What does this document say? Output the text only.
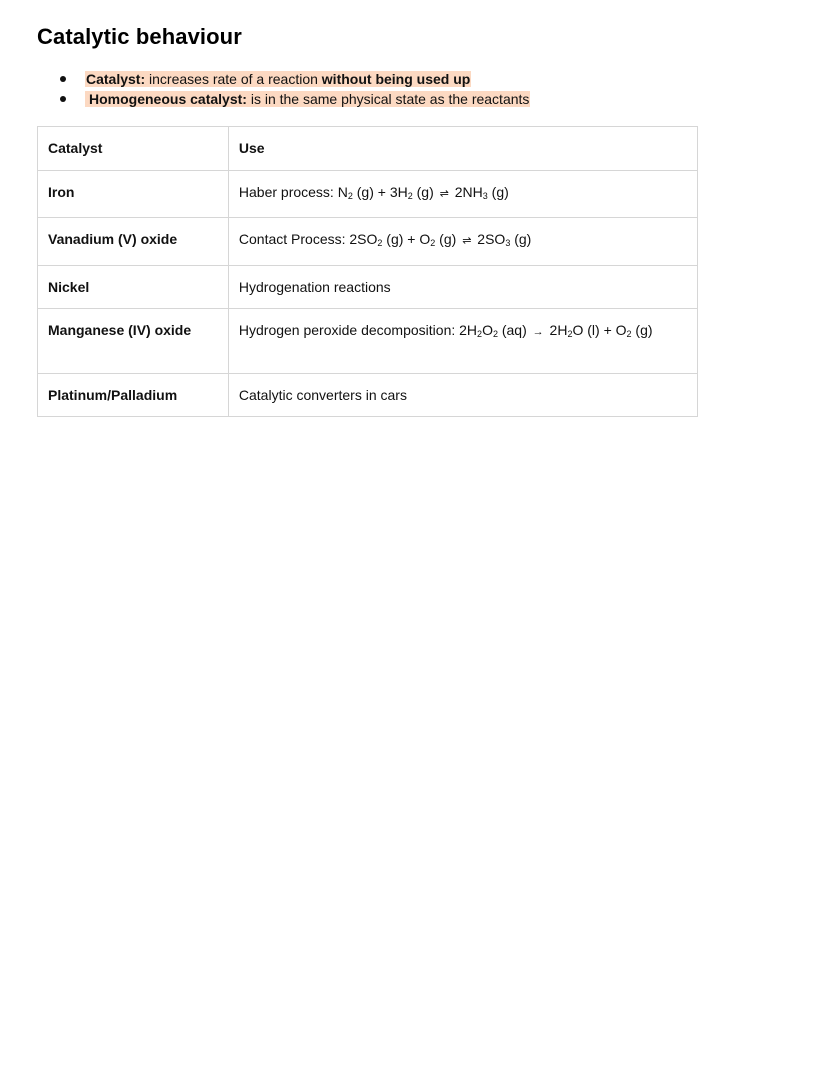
Catalytic behaviour
Catalyst: increases rate of a reaction without being used up
Homogeneous catalyst: is in the same physical state as the reactants
Catalyst	Use

Iron	Haber process: $N_2$ $(g) + 3H_2$ (g) ⇌ $2NH_3$ (g)

Vanadium (V) oxide	Contact Process: $2SO_2$ $(g) + O_2$ (g) ⇌ $2SO_3$ (g)

Nickel	Hydrogenation reactions

Manganese (IV) oxide	Hydrogen peroxide decomposition: $2H_2O_2$ $(aq) \to 2H_2O$ $(l) + O_2$ (g)

Platinum/Palladium	Catalytic converters in cars
